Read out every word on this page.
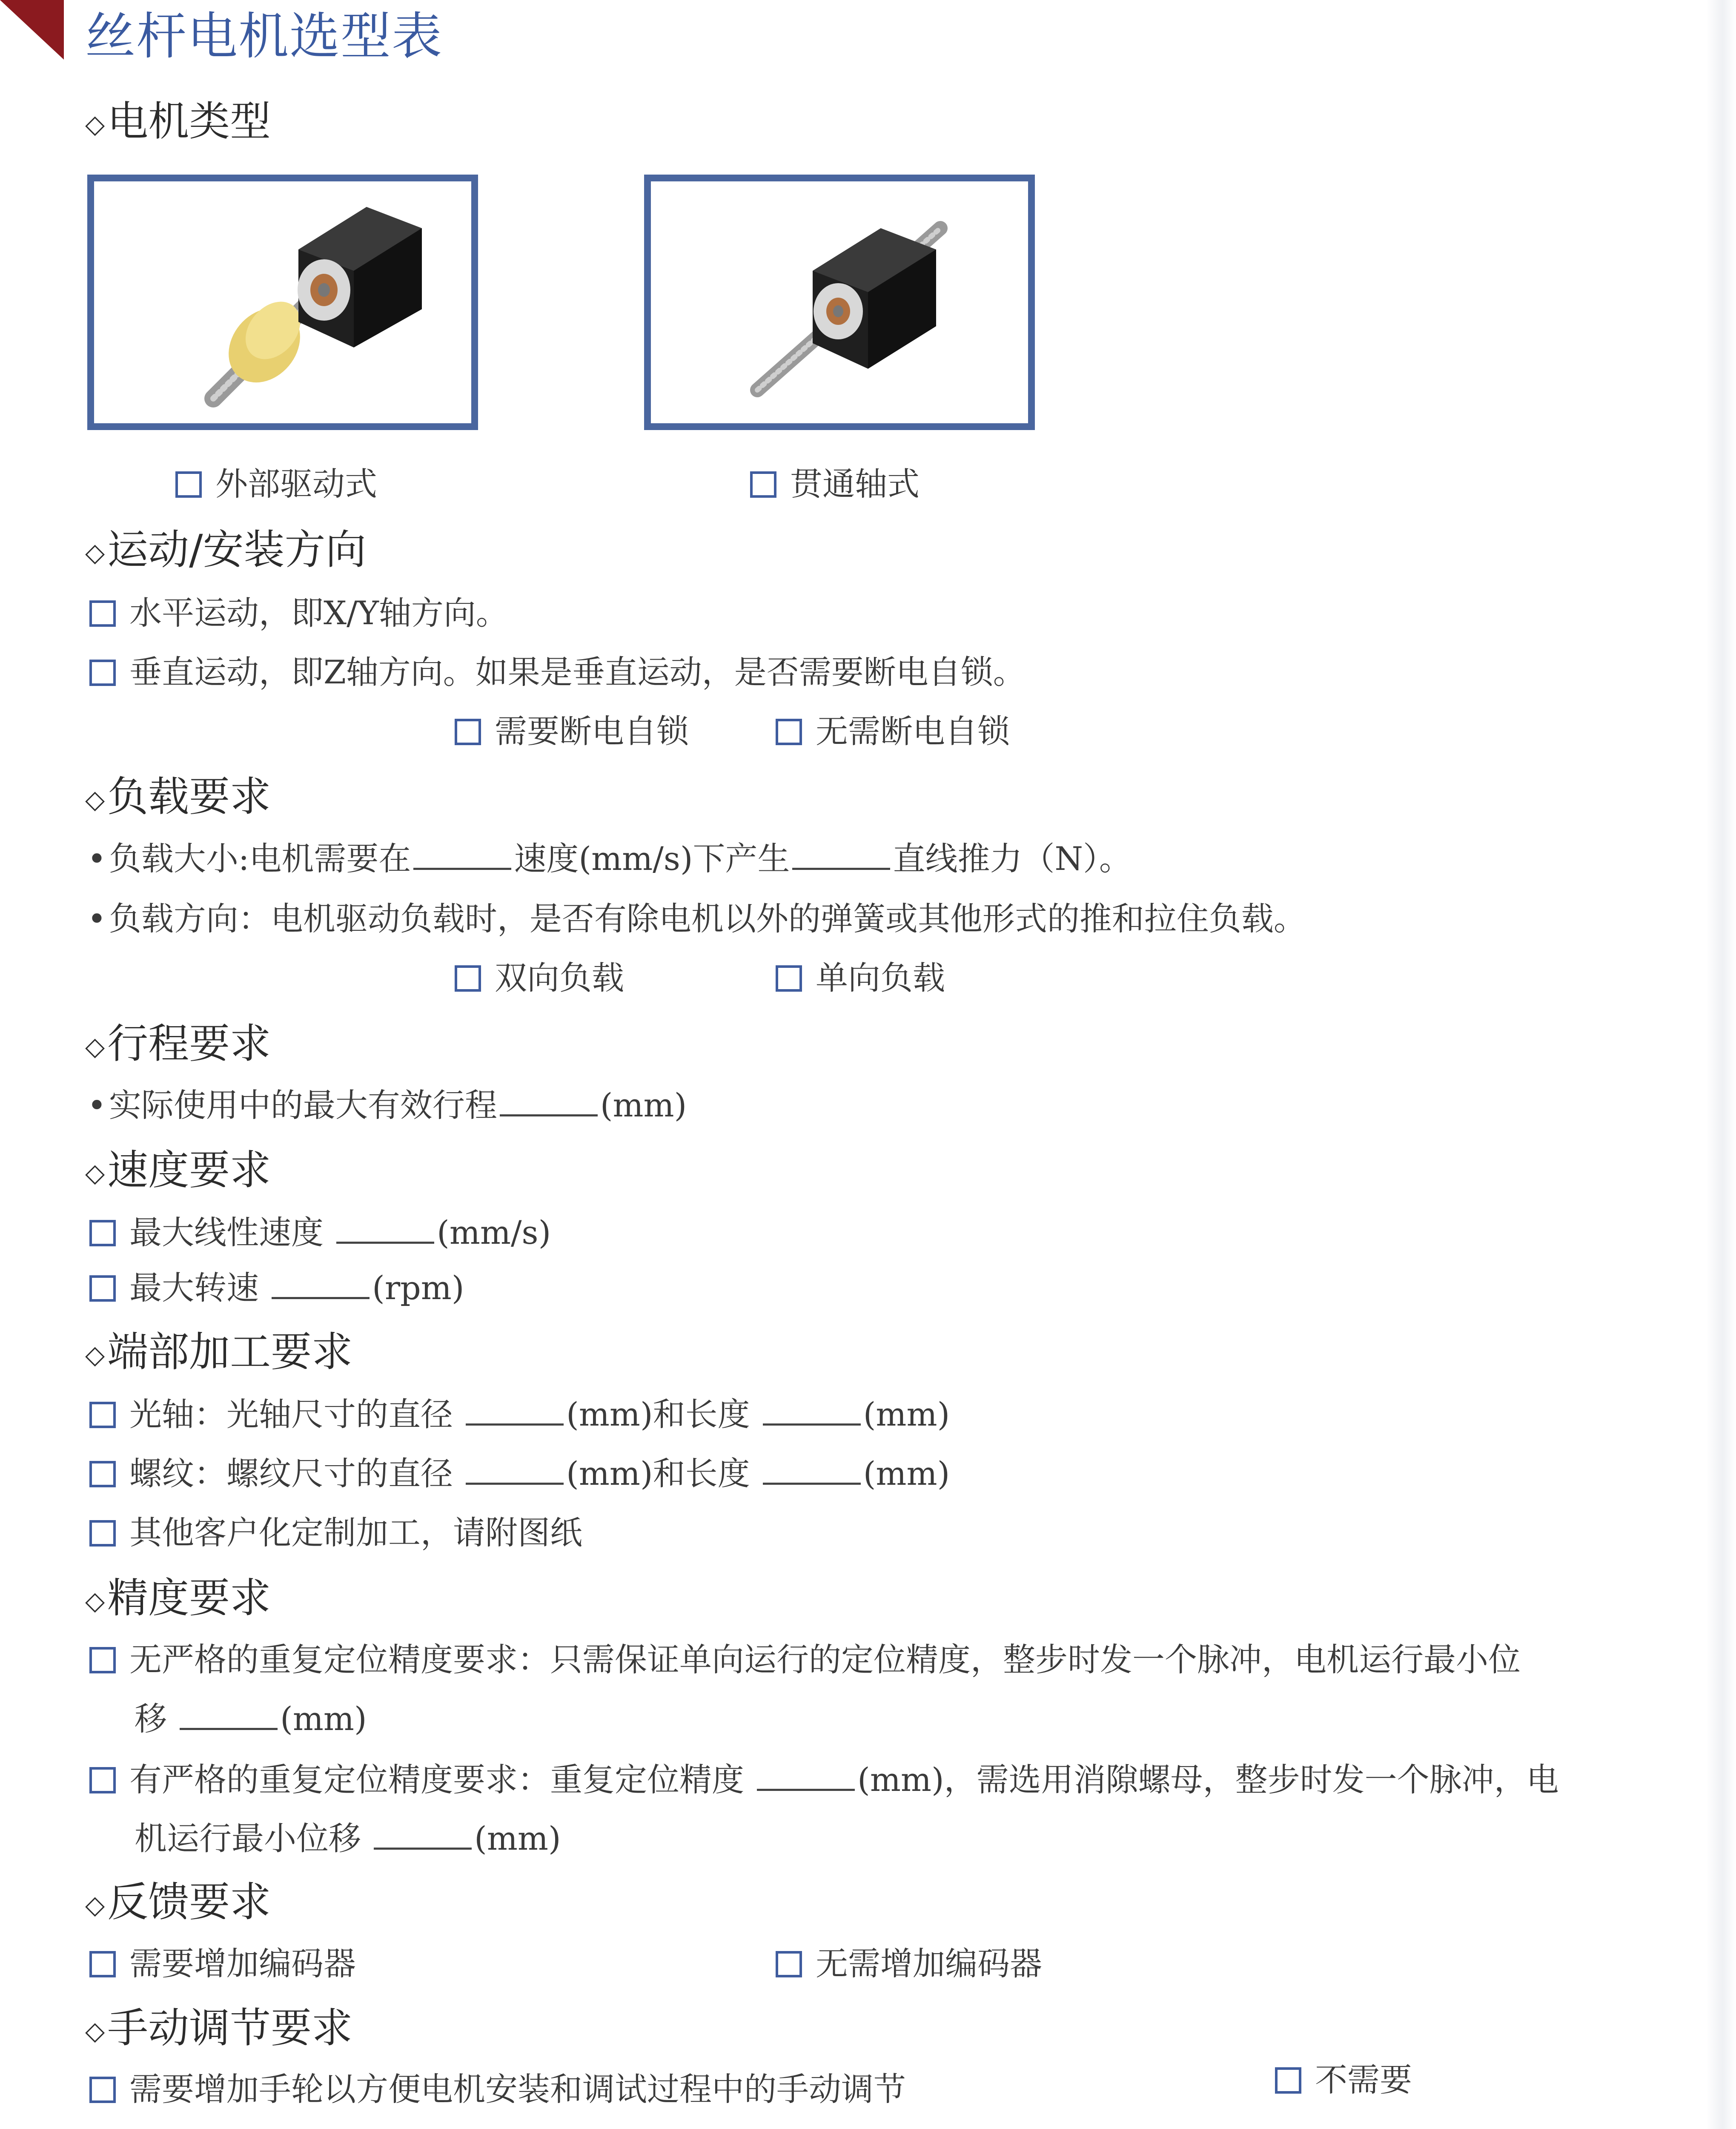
丝杆电机选型表
◇电机类型
外部驱动式	贯通轴式
◇运动/安装方向
水平运动，即X/Y轴方向。
垂直运动，即Z轴方向。如果是垂直运动，是否需要断电自锁。
需要断电自锁	无需断电自锁
◇负载要求
•负载大小:电机需要在	速度(mm/s)下产生	直线推力（N）。
•负载方向：电机驱动负载时，是否有除电机以外的弹簧或其他形式的推和拉住负载。
双向负载	单向负载
◇行程要求
•实际使用中的最大有效行程	(mm)
◇速度要求
最大线性速度	(mm/s)
最大转速	(rpm)
◇端部加工要求
光轴：光轴尺寸的直径	(mm)和长度	(mm)
螺纹：螺纹尺寸的直径	(mm)和长度	(mm)
其他客户化定制加工，请附图纸
◇精度要求
无严格的重复定位精度要求：只需保证单向运行的定位精度，整步时发一个脉冲，电机运行最小位
移	(mm)
有严格的重复定位精度要求：重复定位精度	(mm)，需选用消隙螺母，整步时发一个脉冲，电
机运行最小位移	(mm)
◇反馈要求
需要增加编码器	无需增加编码器
◇手动调节要求
需要增加手轮以方便电机安装和调试过程中的手动调节	不需要
